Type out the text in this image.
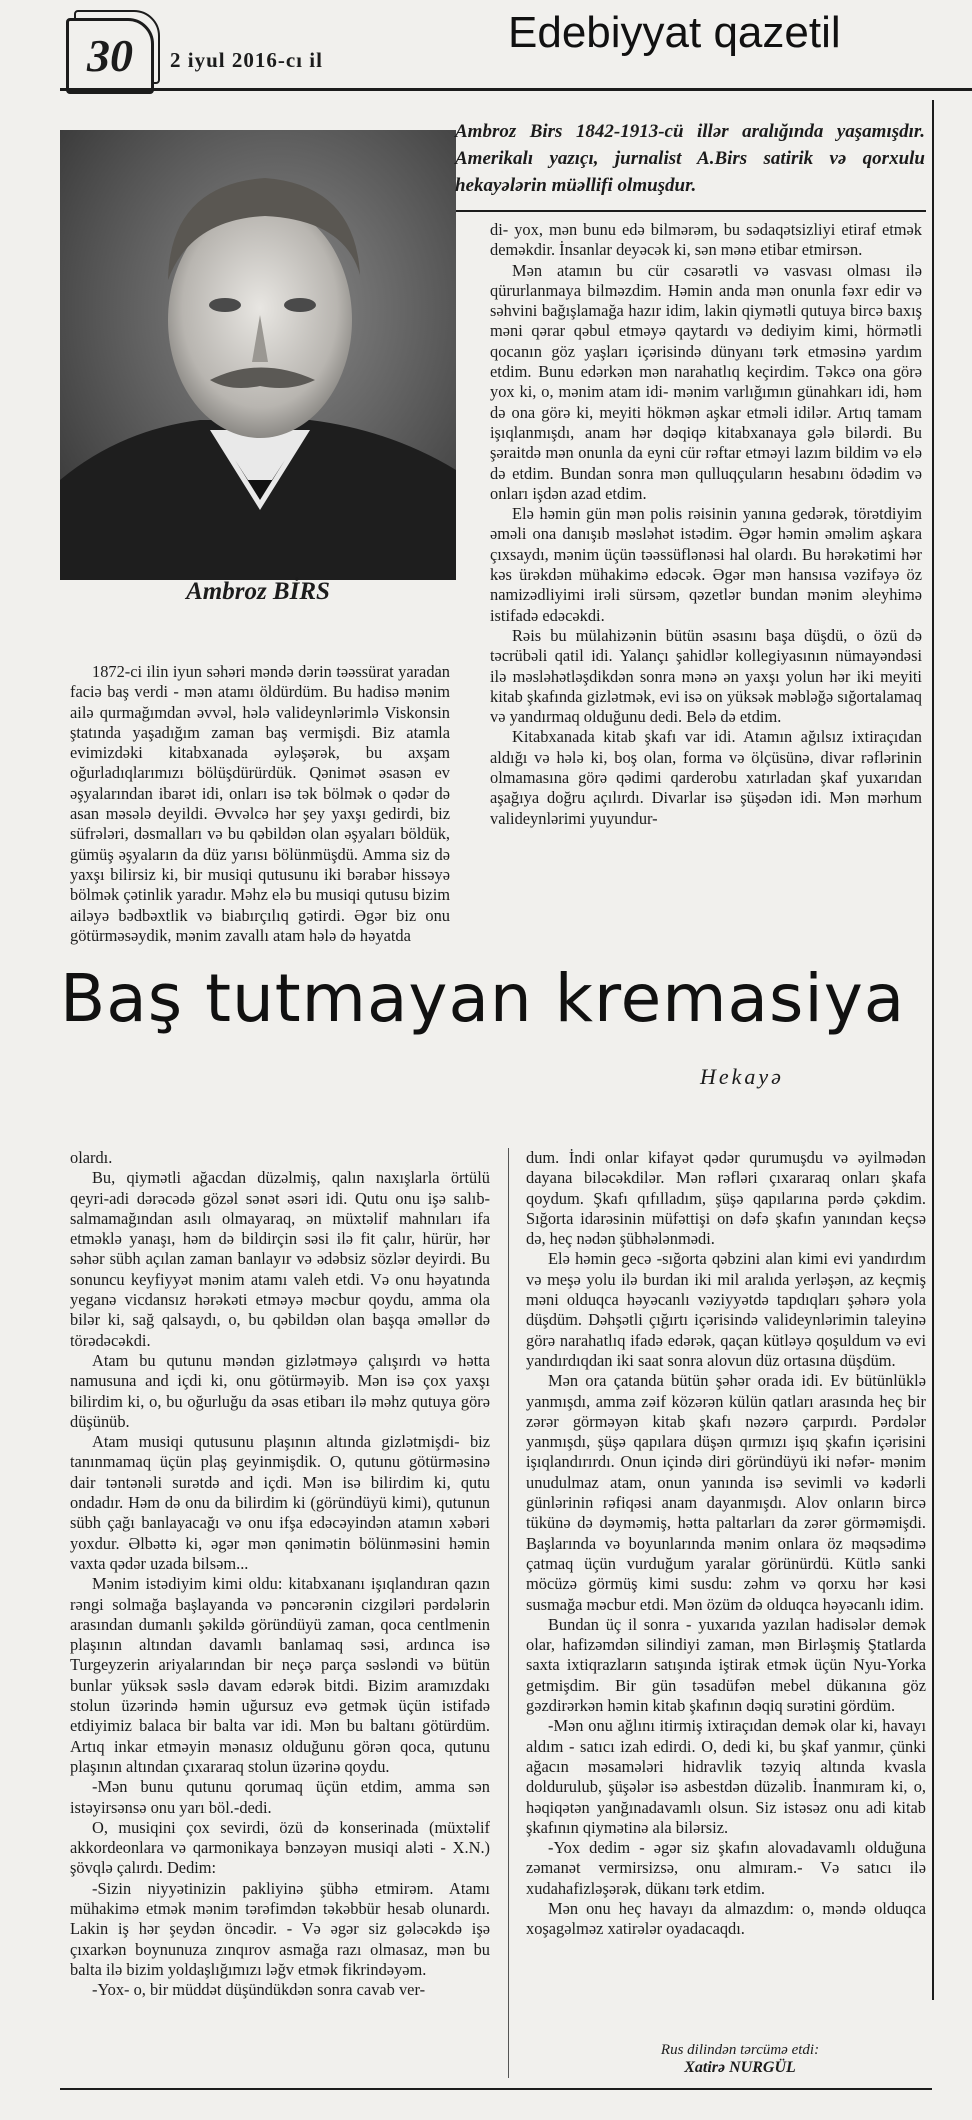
30	2 iyul 2016-cı il
Edebiyyat qazetil
Ambroz BİRS
Ambroz Birs 1842-1913-cü illər aralığında yaşamışdır. Amerikalı yazıçı, jurnalist A.Birs satirik və qorxulu hekayələrin müəllifi olmuşdur.

1872-ci ilin iyun səhəri məndə dərin təəssürat yaradan faciə baş verdi - mən atamı öldürdüm. Bu hadisə mənim ailə qurmağımdan əvvəl, hələ valideynlərimlə Viskonsin ştatında yaşadığım zaman baş vermişdi. Biz atamla evimizdəki kitabxanada əyləşərək, bu axşam oğurladıqlarımızı bölüşdürürdük. Qənimət əsasən ev əşyalarından ibarət idi, onları isə tək bölmək o qədər də asan məsələ deyildi. Əvvəlcə hər şey yaxşı gedirdi, biz süfrələri, dəsmalları və bu qəbildən olan əşyaları böldük, gümüş əşyaların da düz yarısı bölünmüşdü. Amma siz də yaxşı bilirsiz ki, bir musiqi qutusunu iki bərabər hissəyə bölmək çətinlik yaradır. Məhz elə bu musiqi qutusu bizim ailəyə bədbəxtlik və biabırçılıq gətirdi. Əgər biz onu götürməsəydik, mənim zavallı atam hələ də həyatda

di- yox, mən bunu edə bilmərəm, bu sədaqətsizliyi etiraf etmək deməkdir. İnsanlar deyəcək ki, sən mənə etibar etmirsən.

Mən atamın bu cür cəsarətli və vasvası olması ilə qürurlanmaya bilməzdim. Həmin anda mən onunla fəxr edir və səhvini bağışlamağa hazır idim, lakin qiymətli qutuya bircə baxış məni qərar qəbul etməyə qaytardı və dediyim kimi, hörmətli qocanın göz yaşları içərisində dünyanı tərk etməsinə yardım etdim. Bunu edərkən mən narahatlıq keçirdim. Təkcə ona görə yox ki, o, mənim atam idi- mənim varlığımın günahkarı idi, həm də ona görə ki, meyiti hökmən aşkar etməli idilər. Artıq tamam işıqlanmışdı, anam hər dəqiqə kitabxanaya gələ bilərdi. Bu şəraitdə mən onunla da eyni cür rəftar etməyi lazım bildim və elə də etdim. Bundan sonra mən qulluqçuların hesabını ödədim və onları işdən azad etdim.

Elə həmin gün mən polis rəisinin yanına gedərək, törətdiyim əməli ona danışıb məsləhət istədim. Əgər həmin əməlim aşkara çıxsaydı, mənim üçün təəssüflənəsi hal olardı. Bu hərəkətimi hər kəs ürəkdən mühakimə edəcək. Əgər mən hansısa vəzifəyə öz namizədliyimi irəli sürsəm, qəzetlər bundan mənim əleyhimə istifadə edəcəkdi.

Rəis bu mülahizənin bütün əsasını başa düşdü, o özü də təcrübəli qatil idi. Yalançı şahidlər kollegiyasının nümayəndəsi ilə məsləhətləşdikdən sonra mənə ən yaxşı yolun hər iki meyiti kitab şkafında gizlətmək, evi isə on yüksək məbləğə sığortalamaq və yandırmaq olduğunu dedi. Belə də etdim.

Kitabxanada kitab şkafı var idi. Atamın ağılsız ixtiraçıdan aldığı və hələ ki, boş olan, forma və ölçüsünə, divar rəflərinin olmamasına görə qədimi qarderobu xatırladan şkaf yuxarıdan aşağıya doğru açılırdı. Divarlar isə şüşədən idi. Mən mərhum valideynlərimi yuyundur-

Baş tutmayan kremasiya
Hekayə

olardı.

Bu, qiymətli ağacdan düzəlmiş, qalın naxışlarla örtülü qeyri-adi dərəcədə gözəl sənət əsəri idi. Qutu onu işə salıb-salmamağından asılı olmayaraq, ən müxtəlif mahnıları ifa etməklə yanaşı, həm də bildirçin səsi ilə fit çalır, hürür, hər səhər sübh açılan zaman banlayır və ədəbsiz sözlər deyirdi. Bu sonuncu keyfiyyət mənim atamı valeh etdi. Və onu həyatında yeganə vicdansız hərəkəti etməyə məcbur qoydu, amma ola bilər ki, sağ qalsaydı, o, bu qəbildən olan başqa əməllər də törədəcəkdi.

Atam bu qutunu məndən gizlətməyə çalışırdı və hətta namusuna and içdi ki, onu götürməyib. Mən isə çox yaxşı bilirdim ki, o, bu oğurluğu da əsas etibarı ilə məhz qutuya görə düşünüb.

Atam musiqi qutusunu plaşının altında gizlətmişdi- biz tanınmamaq üçün plaş geyinmişdik. O, qutunu götürməsinə dair təntənəli surətdə and içdi. Mən isə bilirdim ki, qutu ondadır. Həm də onu da bilirdim ki (göründüyü kimi), qutunun sübh çağı banlayacağı və onu ifşa edəcəyindən atamın xəbəri yoxdur. Əlbəttə ki, əgər mən qənimətin bölünməsini həmin vaxta qədər uzada bilsəm...

Mənim istədiyim kimi oldu: kitabxananı işıqlandıran qazın rəngi solmağa başlayanda və pəncərənin cizgiləri pərdələrin arasından dumanlı şəkildə göründüyü zaman, qoca centlmenin plaşının altından davamlı banlamaq səsi, ardınca isə Turgeyzerin ariyalarından bir neçə parça səsləndi və bütün bunlar yüksək səslə davam edərək bitdi. Bizim aramızdakı stolun üzərində həmin uğursuz evə getmək üçün istifadə etdiyimiz balaca bir balta var idi. Mən bu baltanı götürdüm. Artıq inkar etməyin mənasız olduğunu görən qoca, qutunu plaşının altından çıxararaq stolun üzərinə qoydu.

-Mən bunu qutunu qorumaq üçün etdim, amma sən istəyirsənsə onu yarı böl.-dedi.

O, musiqini çox sevirdi, özü də konserinada (müxtəlif akkordeonlara və qarmonikaya bənzəyən musiqi aləti - X.N.) şövqlə çalırdı. Dedim:

-Sizin niyyətinizin pakliyinə şübhə etmirəm. Atamı mühakimə etmək mənim tərəfimdən təkəbbür hesab olunardı. Lakin iş hər şeydən öncədir. - Və əgər siz gələcəkdə işə çıxarkən boynunuza zınqırov asmağa razı olmasaz, mən bu balta ilə bizim yoldaşlığımızı ləğv etmək fikrindəyəm.

-Yox- o, bir müddət düşündükdən sonra cavab ver-

dum. İndi onlar kifayət qədər qurumuşdu və əyilmədən dayana biləcəkdilər. Mən rəfləri çıxararaq onları şkafa qoydum. Şkafı qıfılladım, şüşə qapılarına pərdə çəkdim. Sığorta idarəsinin müfəttişi on dəfə şkafın yanından keçsə də, heç nədən şübhələnmədi.

Elə həmin gecə -sığorta qəbzini alan kimi evi yandırdım və meşə yolu ilə burdan iki mil aralıda yerləşən, az keçmiş məni olduqca həyəcanlı vəziyyətdə tapdıqları şəhərə yola düşdüm. Dəhşətli çığırtı içərisində valideynlərimin taleyinə görə narahatlıq ifadə edərək, qaçan kütləyə qoşuldum və evi yandırdıqdan iki saat sonra alovun düz ortasına düşdüm.

Mən ora çatanda bütün şəhər orada idi. Ev bütünlüklə yanmışdı, amma zəif közərən külün qatları arasında heç bir zərər görməyən kitab şkafı nəzərə çarpırdı. Pərdələr yanmışdı, şüşə qapılara düşən qırmızı işıq şkafın içərisini işıqlandırırdı. Onun içində diri göründüyü iki nəfər- mənim unudulmaz atam, onun yanında isə sevimli və kədərli günlərinin rəfiqəsi anam dayanmışdı. Alov onların bircə tükünə də dəyməmiş, hətta paltarları da zərər görməmişdi. Başlarında və boyunlarında mənim onlara öz məqsədimə çatmaq üçün vurduğum yaralar görünürdü. Kütlə sanki möcüzə görmüş kimi susdu: zəhm və qorxu hər kəsi susmağa məcbur etdi. Mən özüm də olduqca həyəcanlı idim.

Bundan üç il sonra - yuxarıda yazılan hadisələr demək olar, hafizəmdən silindiyi zaman, mən Birləşmiş Ştatlarda saxta ixtiqrazların satışında iştirak etmək üçün Nyu-Yorka getmişdim. Bir gün təsadüfən mebel dükanına göz gəzdirərkən həmin kitab şkafının dəqiq surətini gördüm.

-Mən onu ağlını itirmiş ixtiraçıdan demək olar ki, havayı aldım - satıcı izah edirdi. O, dedi ki, bu şkaf yanmır, çünki ağacın məsamələri hidravlik təzyiq altında kvasla doldurulub, şüşələr isə asbestdən düzəlib. İnanmıram ki, o, həqiqətən yanğınadavamlı olsun. Siz istəsəz onu adi kitab şkafının qiymətinə ala bilərsiz.

-Yox dedim - əgər siz şkafın alovadavamlı olduğuna zəmanət vermirsizsə, onu almıram.- Və satıcı ilə xudahafizləşərək, dükanı tərk etdim.

Mən onu heç havayı da almazdım: o, məndə olduqca xoşagəlməz xatirələr oyadacaqdı.

Rus dilindən tərcümə etdi:
Xatirə NURGÜL
